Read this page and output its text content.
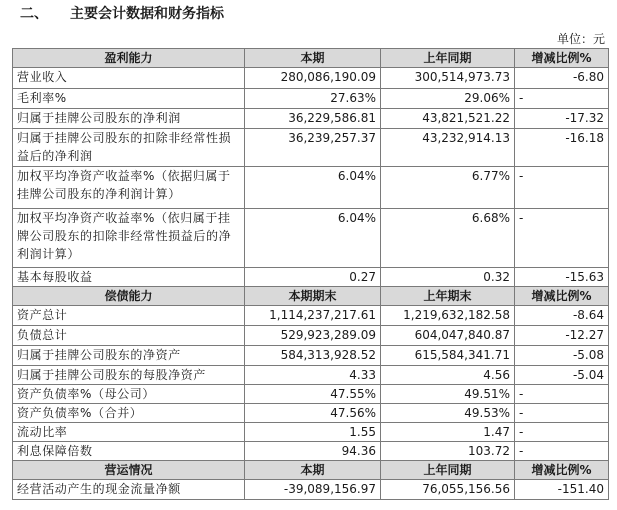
二、 主要会计数据和财务指标
单位：元
盈利能力	本期	上年同期	增减比例%
营业收入	280,086,190.09	300,514,973.73	-6.80
毛利率%	27.63%	29.06%	-
归属于挂牌公司股东的净利润	36,229,586.81	43,821,521.22	-17.32
归属于挂牌公司股东的扣除非经常性损益后的净利润	36,239,257.37	43,232,914.13	-16.18
加权平均净资产收益率%（依据归属于挂牌公司股东的净利润计算）	6.04%	6.77%	-
加权平均净资产收益率%（依归属于挂牌公司股东的扣除非经常性损益后的净利润计算）	6.04%	6.68%	-
基本每股收益	0.27	0.32	-15.63
偿债能力	本期期末	上年期末	增减比例%
资产总计	1,114,237,217.61	1,219,632,182.58	-8.64
负债总计	529,923,289.09	604,047,840.87	-12.27
归属于挂牌公司股东的净资产	584,313,928.52	615,584,341.71	-5.08
归属于挂牌公司股东的每股净资产	4.33	4.56	-5.04
资产负债率%（母公司）	47.55%	49.51%	-
资产负债率%（合并）	47.56%	49.53%	-
流动比率	1.55	1.47	-
利息保障倍数	94.36	103.72	-
营运情况	本期	上年同期	增减比例%
经营活动产生的现金流量净额	-39,089,156.97	76,055,156.56	-151.40
